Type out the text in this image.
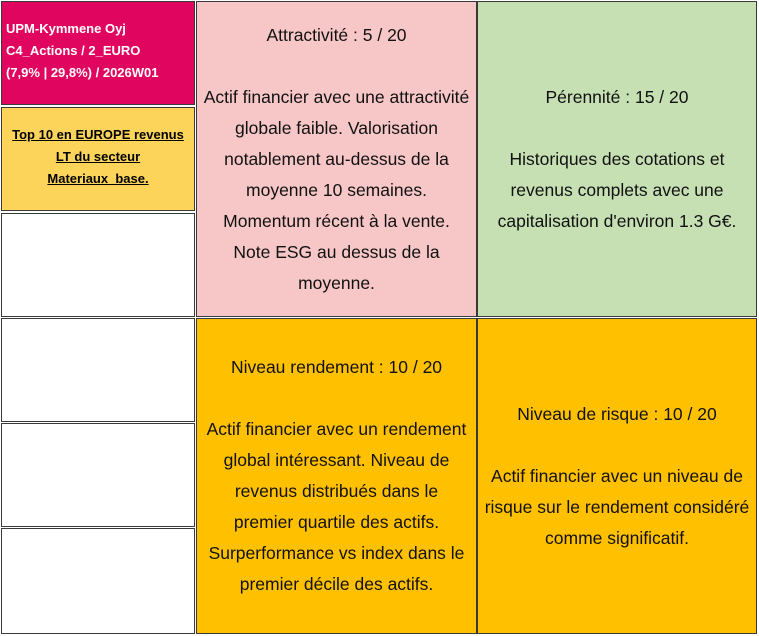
UPM-Kymmene Oyj
C4_Actions / 2_EURO
(7,9% | 29,8%) / 2026W01
Top 10 en EUROPE revenus
LT du secteur
Materiaux_base.
Attractivité : 5 / 20
Actif financier avec une attractivité globale faible. Valorisation notablement au-dessus de la moyenne 10 semaines. Momentum récent à la vente. Note ESG au dessus de la moyenne.
Pérennité : 15 / 20
Historiques des cotations et revenus complets avec une capitalisation d'environ 1.3 G€.
Niveau rendement : 10 / 20
Actif financier avec un rendement global intéressant. Niveau de revenus distribués dans le premier quartile des actifs. Surperformance vs index dans le premier décile des actifs.
Niveau de risque : 10 / 20
Actif financier avec un niveau de risque sur le rendement considéré comme significatif.
